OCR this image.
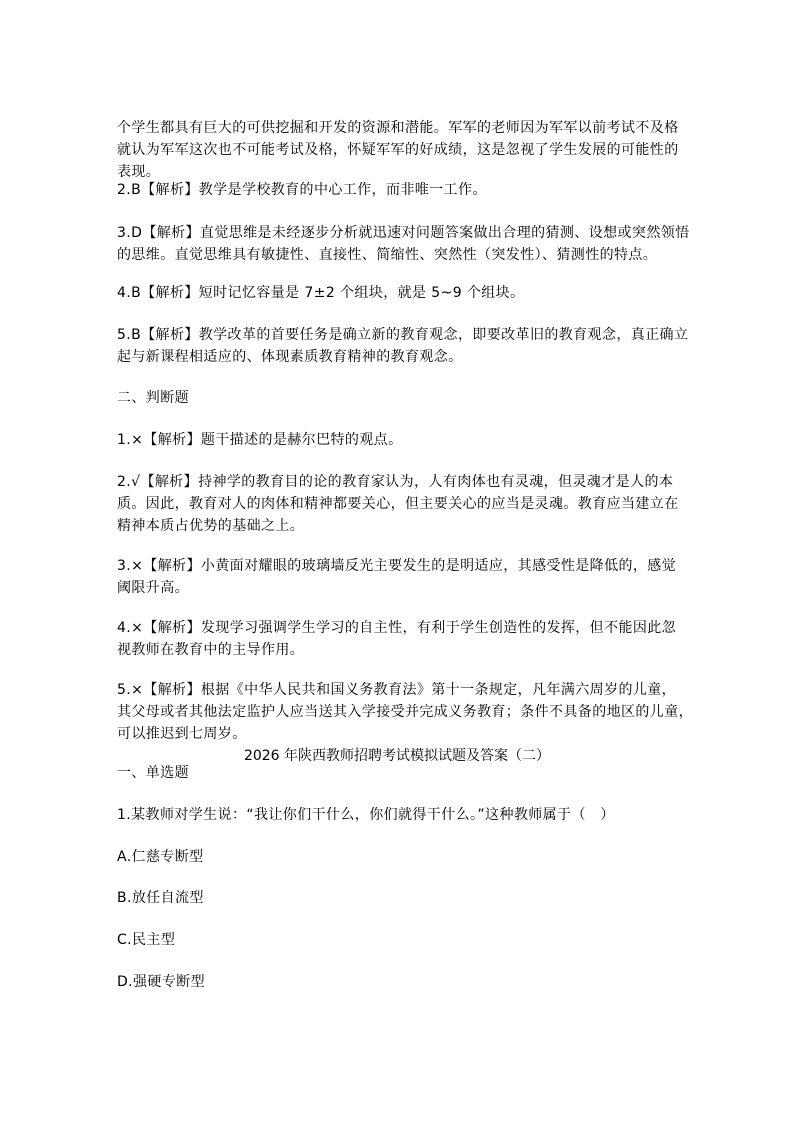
个学生都具有巨大的可供挖掘和开发的资源和潜能。军军的老师因为军军以前考试不及格
就认为军军这次也不可能考试及格，怀疑军军的好成绩，这是忽视了学生发展的可能性的
表现。
2.B【解析】教学是学校教育的中心工作，而非唯一工作。
3.D【解析】直觉思维是未经逐步分析就迅速对问题答案做出合理的猜测、设想或突然领悟
的思维。直觉思维具有敏捷性、直接性、简缩性、突然性（突发性）、猜测性的特点。
4.B【解析】短时记忆容量是 7±2 个组块，就是 5~9 个组块。
5.B【解析】教学改革的首要任务是确立新的教育观念，即要改革旧的教育观念，真正确立
起与新课程相适应的、体现素质教育精神的教育观念。
二、判断题
1.×【解析】题干描述的是赫尔巴特的观点。
2.√【解析】持神学的教育目的论的教育家认为，人有肉体也有灵魂，但灵魂才是人的本
质。因此，教育对人的肉体和精神都要关心，但主要关心的应当是灵魂。教育应当建立在
精神本质占优势的基础之上。
3.×【解析】小黄面对耀眼的玻璃墙反光主要发生的是明适应，其感受性是降低的，感觉
阈限升高。
4.×【解析】发现学习强调学生学习的自主性，有利于学生创造性的发挥，但不能因此忽
视教师在教育中的主导作用。
5.×【解析】根据《中华人民共和国义务教育法》第十一条规定，凡年满六周岁的儿童，
其父母或者其他法定监护人应当送其入学接受并完成义务教育；条件不具备的地区的儿童，
可以推迟到七周岁。
2026 年陕西教师招聘考试模拟试题及答案（二）
一、单选题
1.某教师对学生说：“我让你们干什么，你们就得干什么。”这种教师属于（　）
A.仁慈专断型
B.放任自流型
C.民主型
D.强硬专断型
